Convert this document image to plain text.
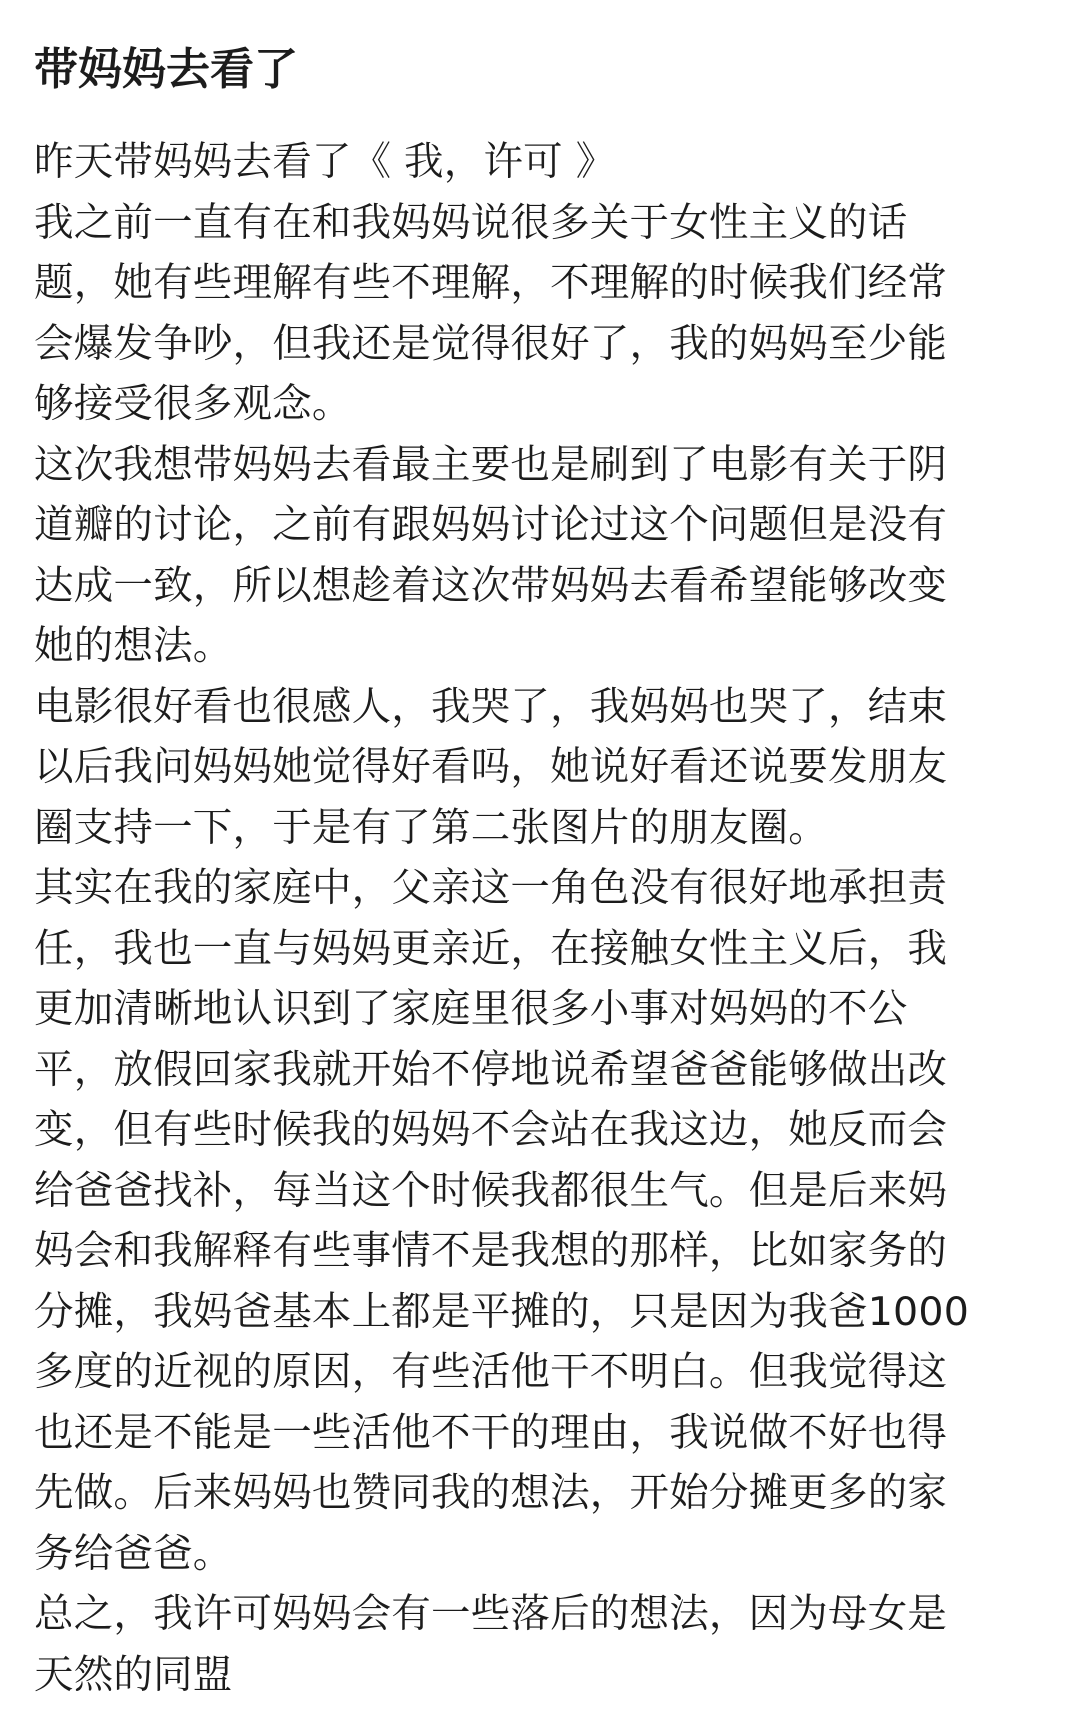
带妈妈去看了
昨天带妈妈去看了《 我，许可 》
我之前一直有在和我妈妈说很多关于女性主义的话
题，她有些理解有些不理解，不理解的时候我们经常
会爆发争吵，但我还是觉得很好了，我的妈妈至少能
够接受很多观念。
这次我想带妈妈去看最主要也是刷到了电影有关于阴
道瓣的讨论，之前有跟妈妈讨论过这个问题但是没有
达成一致，所以想趁着这次带妈妈去看希望能够改变
她的想法。
电影很好看也很感人，我哭了，我妈妈也哭了，结束
以后我问妈妈她觉得好看吗，她说好看还说要发朋友
圈支持一下，于是有了第二张图片的朋友圈。
其实在我的家庭中，父亲这一角色没有很好地承担责
任，我也一直与妈妈更亲近，在接触女性主义后，我
更加清晰地认识到了家庭里很多小事对妈妈的不公
平，放假回家我就开始不停地说希望爸爸能够做出改
变，但有些时候我的妈妈不会站在我这边，她反而会
给爸爸找补，每当这个时候我都很生气。但是后来妈
妈会和我解释有些事情不是我想的那样，比如家务的
分摊，我妈爸基本上都是平摊的，只是因为我爸1000
多度的近视的原因，有些活他干不明白。但我觉得这
也还是不能是一些活他不干的理由，我说做不好也得
先做。后来妈妈也赞同我的想法，开始分摊更多的家
务给爸爸。
总之，我许可妈妈会有一些落后的想法，因为母女是
天然的同盟
